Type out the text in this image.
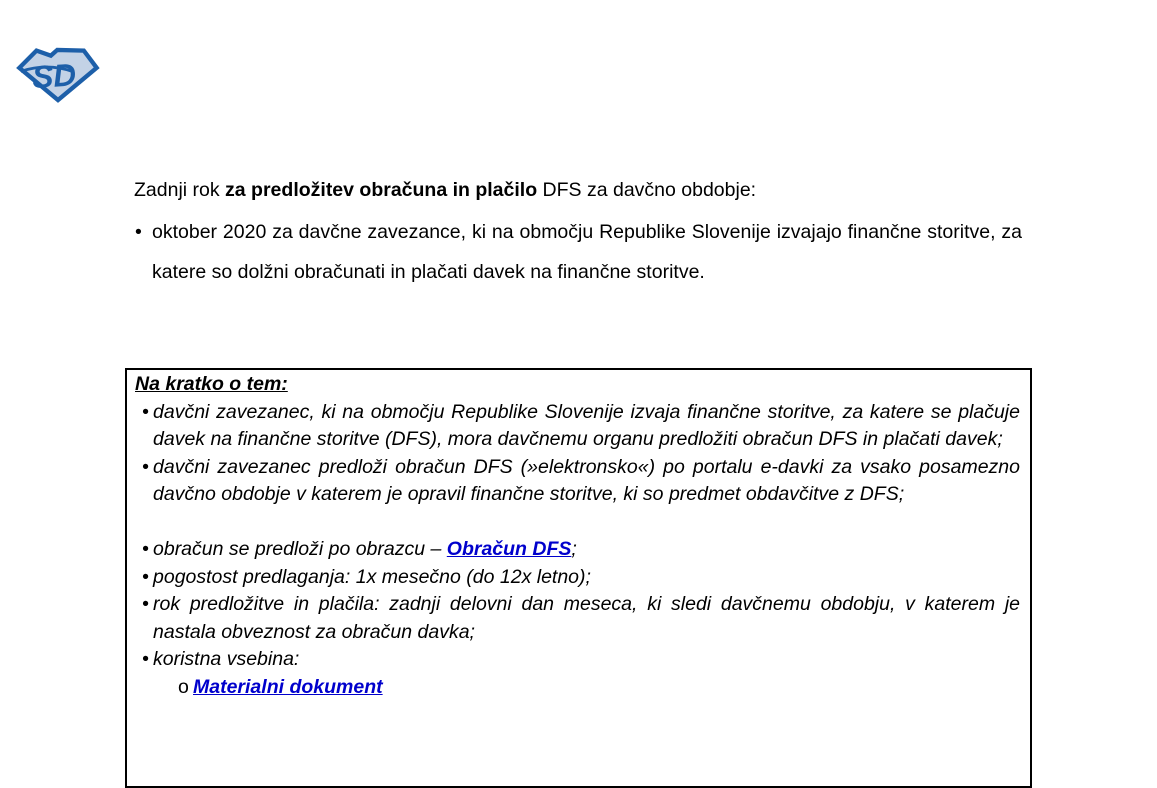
SD
Zadnji rok za predložitev obračuna in plačilo DFS za davčno obdobje:
• oktober 2020 za davčne zavezance, ki na območju Republike Slovenije izvajajo finančne storitve, za katere so dolžni obračunati in plačati davek na finančne storitve.
Na kratko o tem:
• davčni zavezanec, ki na območju Republike Slovenije izvaja finančne storitve, za katere se plačuje davek na finančne storitve (DFS), mora davčnemu organu predložiti obračun DFS in plačati davek;
• davčni zavezanec predloži obračun DFS (»elektronsko«) po portalu e-davki za vsako posamezno davčno obdobje v katerem je opravil finančne storitve, ki so predmet obdavčitve z DFS;
• obračun se predloži po obrazcu – Obračun DFS;
• pogostost predlaganja: 1x mesečno (do 12x letno);
• rok predložitve in plačila: zadnji delovni dan meseca, ki sledi davčnemu obdobju, v katerem je nastala obveznost za obračun davka;
• koristna vsebina:
o Materialni dokument
